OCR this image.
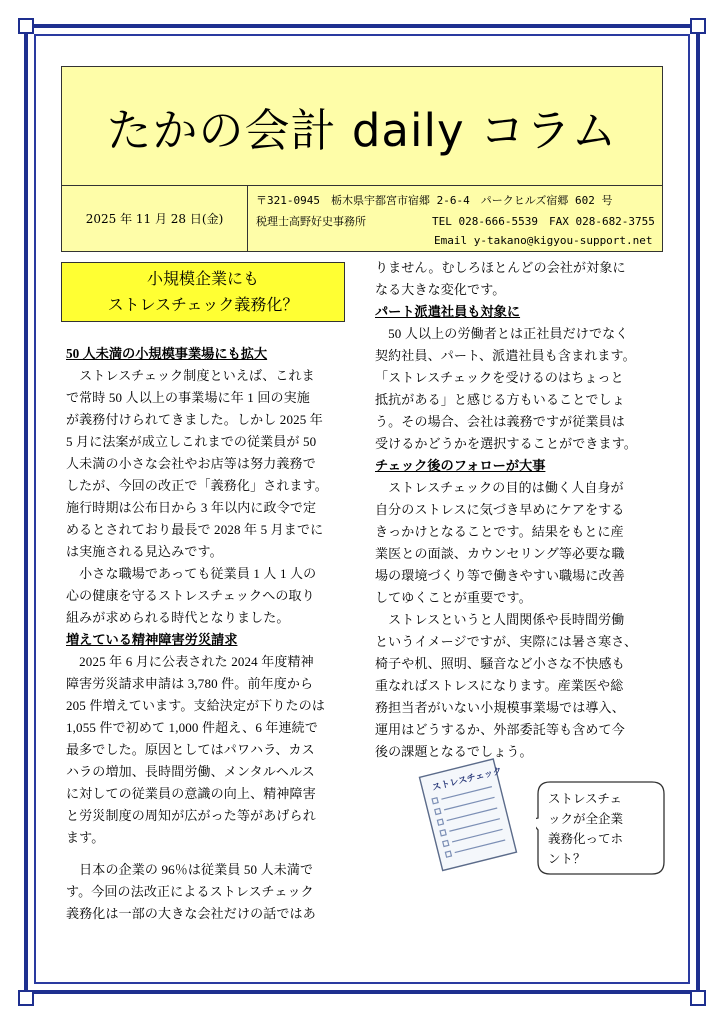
たかの会計 daily コラム
2025 年 11 月 28 日(金)
〒321-0945　栃木県宇都宮市宿郷 2-6-4　パークヒルズ宿郷 602 号
税理士高野好史事務所	TEL 028-666-5539　FAX 028-682-3755
Email y-takano@kigyou-support.net
小規模企業にも
ストレスチェック義務化？

50 人未満の小規模事業場にも拡大

　ストレスチェック制度といえば、これま
で常時 50 人以上の事業場に年 1 回の実施
が義務付けられてきました。しかし 2025 年
5 月に法案が成立しこれまでの従業員が 50
人未満の小さな会社やお店等は努力義務で
したが、今回の改正で「義務化」されます。
施行時期は公布日から 3 年以内に政令で定
めるとされており最長で 2028 年 5 月までに
は実施される見込みです。

　小さな職場であっても従業員 1 人 1 人の
心の健康を守るストレスチェックへの取り
組みが求められる時代となりました。

増えている精神障害労災請求

　2025 年 6 月に公表された 2024 年度精神
障害労災請求申請は 3,780 件。前年度から
205 件増えています。支給決定が下りたのは
1,055 件で初めて 1,000 件超え、6 年連続で
最多でした。原因としてはパワハラ、カス
ハラの増加、長時間労働、メンタルヘルス
に対しての従業員の意識の向上、精神障害
と労災制度の周知が広がった等があげられ
ます。

　日本の企業の 96％は従業員 50 人未満で
す。今回の法改正によるストレスチェック
義務化は一部の大きな会社だけの話ではあ

りません。むしろほとんどの会社が対象に
なる大きな変化です。

パート派遣社員も対象に

　50 人以上の労働者とは正社員だけでなく
契約社員、パート、派遣社員も含まれます。
「ストレスチェックを受けるのはちょっと
抵抗がある」と感じる方もいることでしょ
う。その場合、会社は義務ですが従業員は
受けるかどうかを選択することができます。

チェック後のフォローが大事

　ストレスチェックの目的は働く人自身が
自分のストレスに気づき早めにケアをする
きっかけとなることです。結果をもとに産
業医との面談、カウンセリング等必要な職
場の環境づくり等で働きやすい職場に改善
してゆくことが重要です。

　ストレスというと人間関係や長時間労働
というイメージですが、実際には暑さ寒さ、
椅子や机、照明、騒音など小さな不快感も
重なればストレスになります。産業医や総
務担当者がいない小規模事業場では導入、
運用はどうするか、外部委託等も含めて今
後の課題となるでしょう。

ストレスチェック
ストレスチェ
ックが全企業
義務化ってホ
ント？
